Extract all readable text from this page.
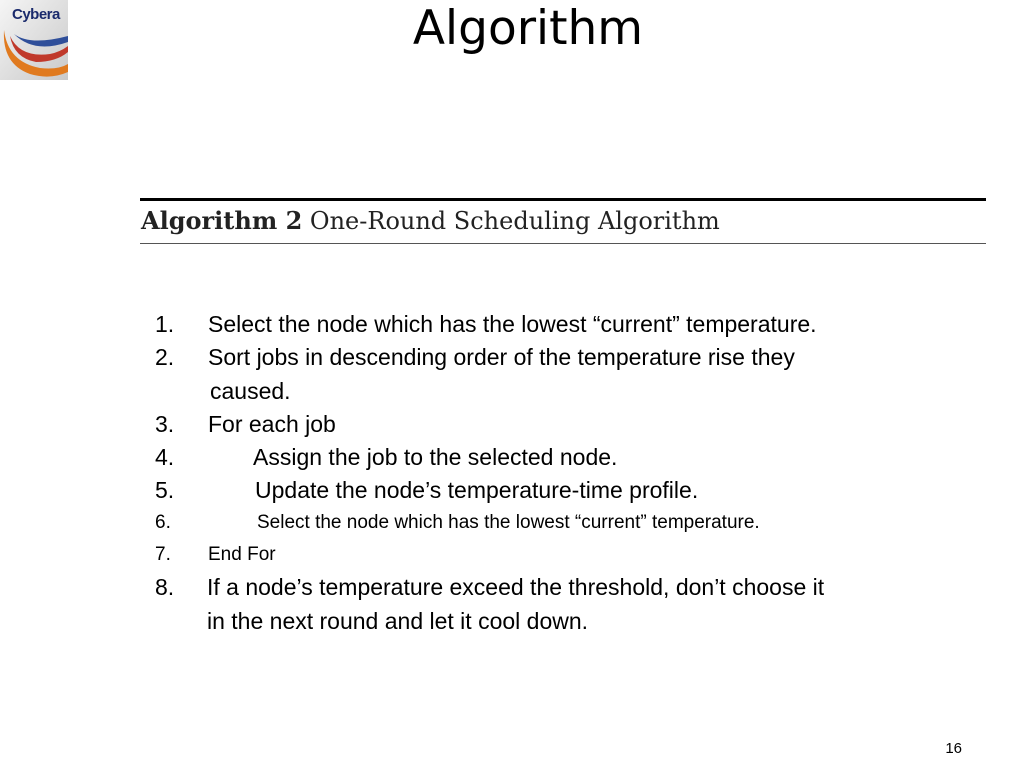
Cybera	Algorithm
Algorithm 2 One-Round Scheduling Algorithm
1. Select the node which has the lowest “current” temperature.
2. Sort jobs in descending order of the temperature rise they
caused.
3. For each job
4.	Assign the job to the selected node.
5.	Update the node’s temperature-time profile.
6.	Select the node which has the lowest “current” temperature.
7. End For
8. If a node’s temperature exceed the threshold, don’t choose it
in the next round and let it cool down.
16
